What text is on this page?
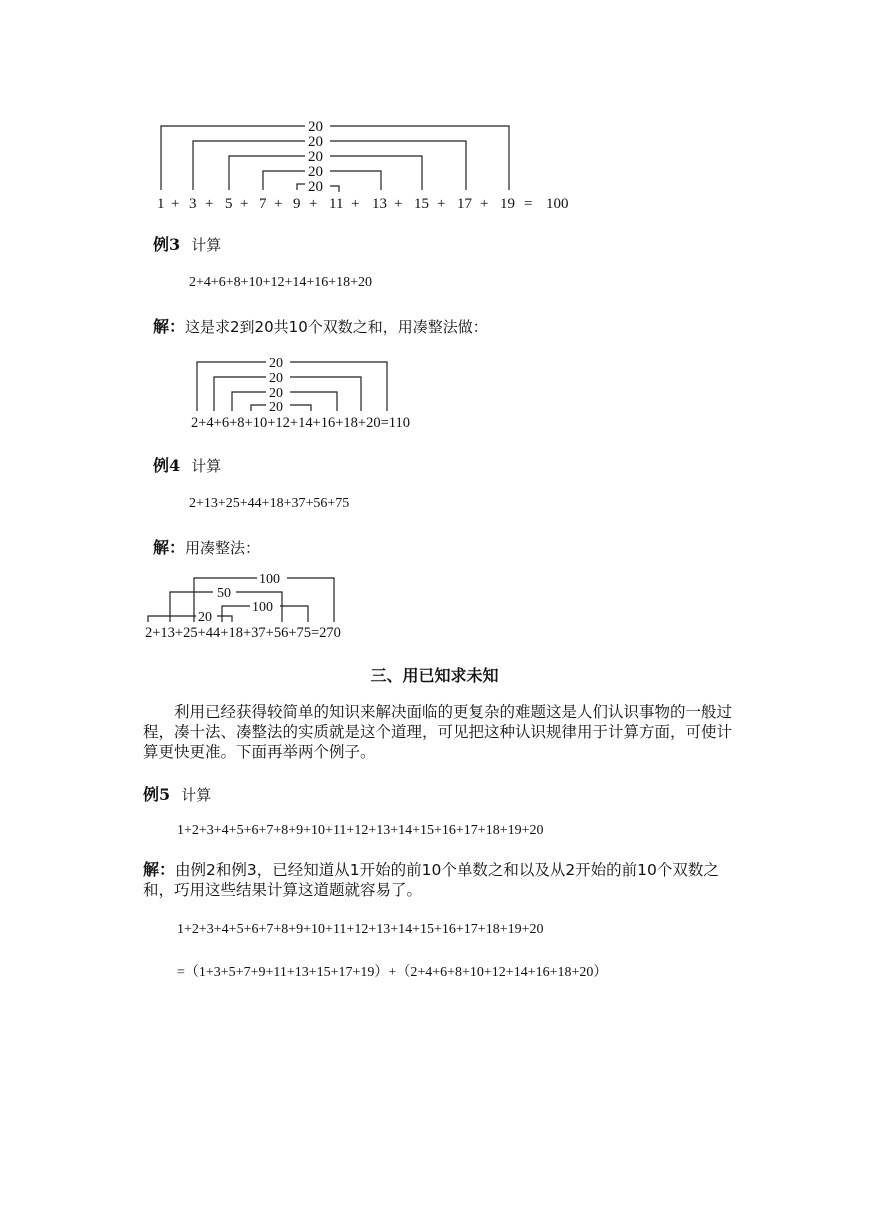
20
20
20
20
20
1 + 3 + 5 + 7 + 9 + 11 + 13 + 15 + 17 + 19 = 100
例3 计算
2+4+6+8+10+12+14+16+18+20
解：这是求2到20共10个双数之和，用凑整法做：
20
20
20
20
2+4+6+8+10+12+14+16+18+20=110
例4 计算
2+13+25+44+18+37+56+75
解：用凑整法：
100
50
100
20
2+13+25+44+18+37+56+75=270
三、用已知求未知
利用已经获得较简单的知识来解决面临的更复杂的难题这是人们认识事物的一般过程，凑十法、凑整法的实质就是这个道理，可见把这种认识规律用于计算方面，可使计算更快更准。下面再举两个例子。
例5 计算
1+2+3+4+5+6+7+8+9+10+11+12+13+14+15+16+17+18+19+20
解：由例2和例3，已经知道从1开始的前10个单数之和以及从2开始的前10个双数之和，巧用这些结果计算这道题就容易了。
1+2+3+4+5+6+7+8+9+10+11+12+13+14+15+16+17+18+19+20
=（1+3+5+7+9+11+13+15+17+19）+（2+4+6+8+10+12+14+16+18+20）
